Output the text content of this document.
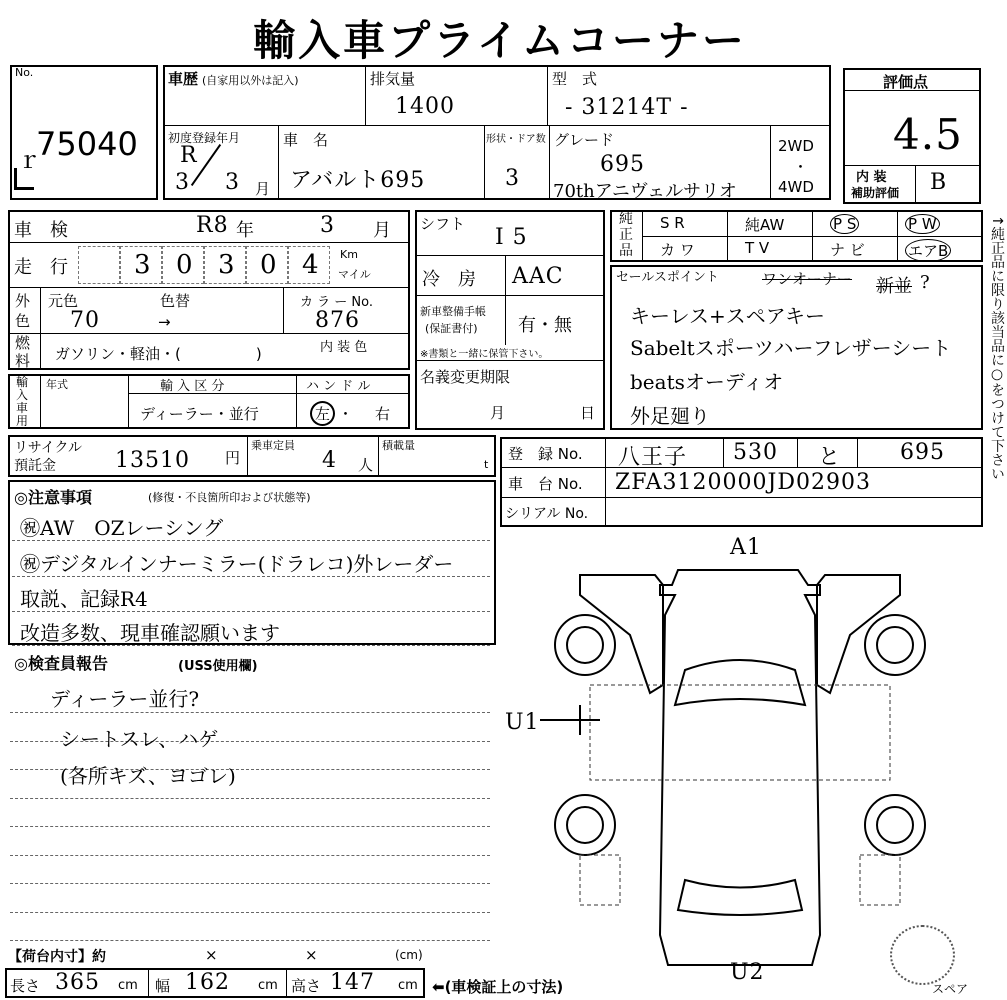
輸入車プライムコーナー
No.
ｒ
75040
車歴 (自家用以外は記入)	排気量
1400
型　式
- 31214T -
初度登録年月
R
3 3 月
車　名
アバルト695
形状・ドア数
3
グレード
695
70thアニヴェルサリオ
2WD
・
4WD
評価点
4.5
内 装
補助評価 B
車　検	R8 年	3 月
走　行	3 0 3 0 4 Km
マイル
外色
元色	色替
70	→
カ ラ ー No.
876
燃料 ガソリン・軽油・(　　　　　)	内 装 色
輸入車用
年式	輸 入 区 分
ディーラー・並行
ハ ン ド ル
左 ・ 右
シフト
I 5
冷　房 AAC
新車整備手帳
(保証書付) 有・無
※書類と一緒に保管下さい。
名義変更期限
月	日
純正品
S R	純AW	P S	P W
カ ワ	T V	ナ ビ	エアB
セールスポイント	ワンオーナー 新並 ?
キーレス+スペアキー
Sabeltスポーツハーフレザーシート
beatsオーディオ
外足廻り	↑純正品に限り該当品に○をつけて下さい
リサイクル
預託金	13510 円
乗車定員
4 人
積載量
t
登　録 No. 八王子 530 と	695
車　台 No. ZFA3120000JD02903
シリアル No.
◎注意事項	(修復・不良箇所印および状態等)
㊗AW　OZレーシング
㊗デジタルインナーミラー(ドラレコ)外レーダー
取説、記録R4
改造多数、現車確認願います
◎検査員報告	(USS使用欄)
ディーラー並行?
シートスレ、ハゲ
(各所キズ、ヨゴレ)
A1
U1
U2
スペア
【荷台内寸】約	×	×	(cm)
長さ 365 cm 幅 162 cm 高さ 147 cm ⬅(車検証上の寸法)
